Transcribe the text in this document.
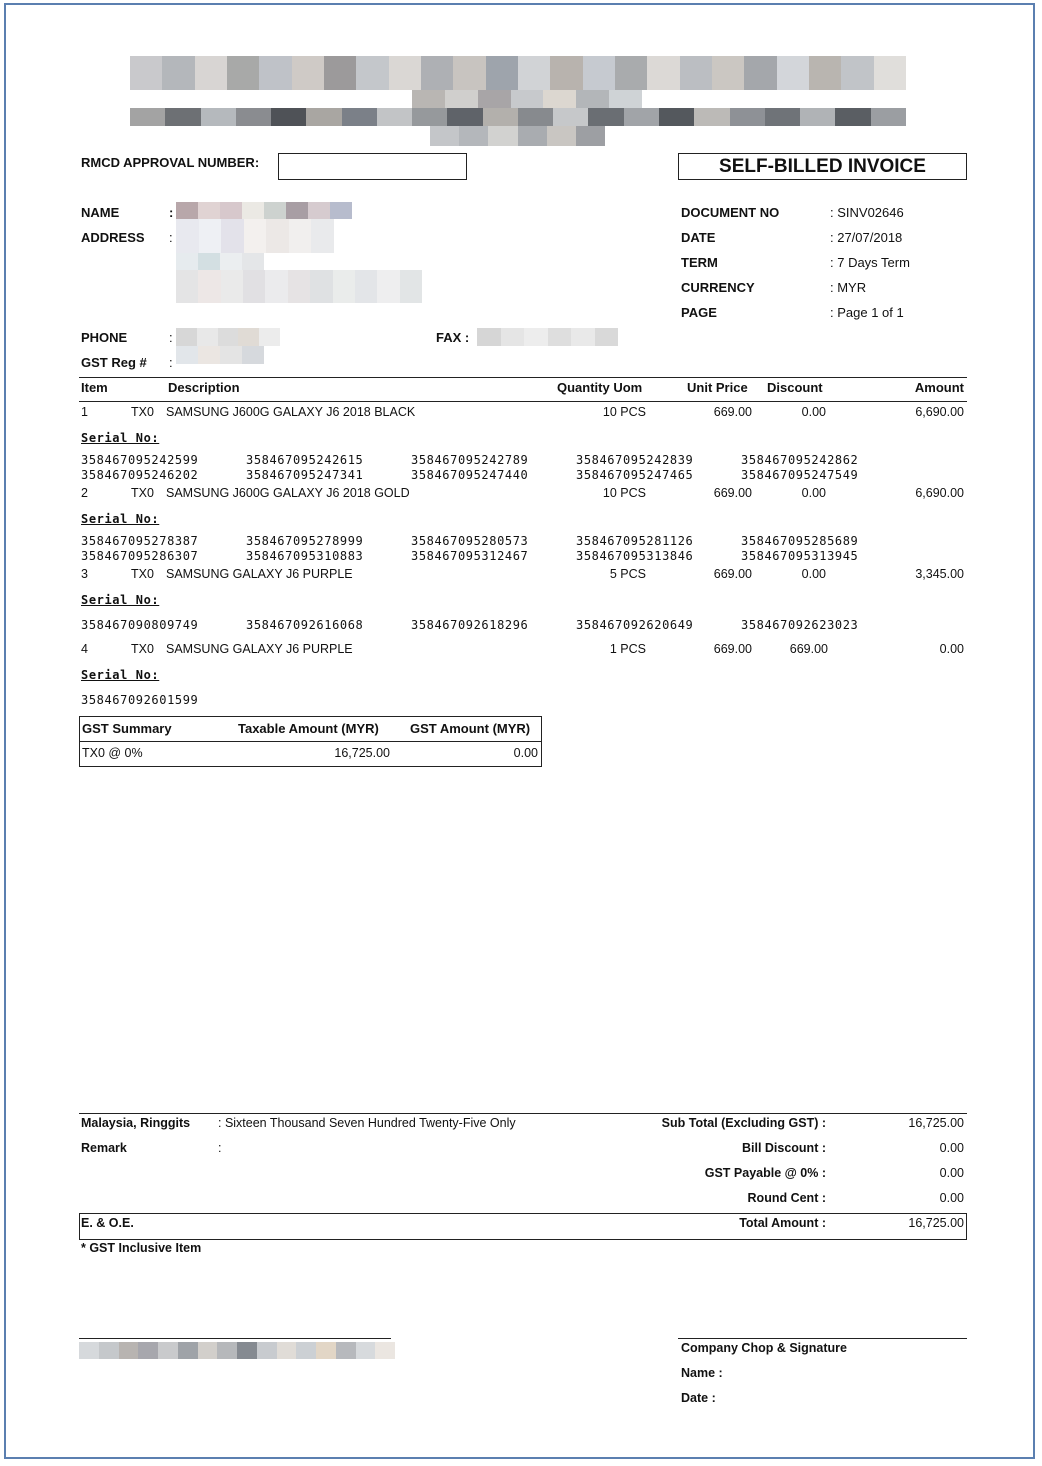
RMCD APPROVAL NUMBER:	SELF-BILLED INVOICE
NAME	:
ADDRESS :
PHONE	:	FAX :
GST Reg # :
DOCUMENT NO	: SINV02646
DATE	: 27/07/2018
TERM	: 7 Days Term
CURRENCY	: MYR
PAGE	: Page 1 of 1
Item	Description	Quantity Uom	Unit Price Discount	Amount
1	TX0 SAMSUNG J600G GALAXY J6 2018 BLACK	10 PCS	669.00	0.00	6,690.00
Serial No:
358467095242599	358467095242615	358467095242789	358467095242839	358467095242862
358467095246202	358467095247341	358467095247440	358467095247465	358467095247549
2	TX0 SAMSUNG J600G GALAXY J6 2018 GOLD	10 PCS	669.00	0.00	6,690.00
Serial No:
358467095278387	358467095278999	358467095280573	358467095281126	358467095285689
358467095286307	358467095310883	358467095312467	358467095313846	358467095313945
3	TX0 SAMSUNG GALAXY J6 PURPLE	5 PCS	669.00	0.00	3,345.00
Serial No:
358467090809749	358467092616068	358467092618296	358467092620649	358467092623023
4	TX0 SAMSUNG GALAXY J6 PURPLE	1 PCS	669.00	669.00	0.00
Serial No:
358467092601599
GST Summary	Taxable Amount (MYR) GST Amount (MYR)
TX0 @ 0%	16,725.00	0.00
Malaysia, Ringgits : Sixteen Thousand Seven Hundred Twenty-Five Only
Remark	:
Sub Total (Excluding GST) :	16,725.00
Bill Discount :	0.00
GST Payable @ 0% :	0.00
Round Cent :	0.00
E. & O.E.	Total Amount :	16,725.00
* GST Inclusive Item
Company Chop & Signature
Name :
Date :
